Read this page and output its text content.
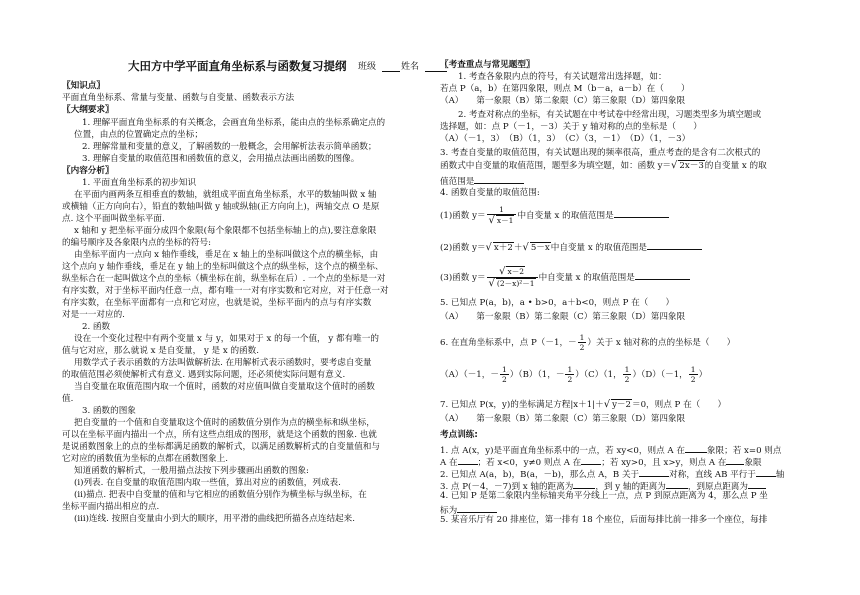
大田方中学平面直角坐标系与函数复习提纲 班级	姓名
〖知识点〗
平面直角坐标系、常量与变量、函数与自变量、函数表示方法
〖大纲要求〗
1. 理解平面直角坐标系的有关概念，会画直角坐标系，能由点的坐标系确定点的
位置，由点的位置确定点的坐标；
2. 理解常量和变量的意义，了解函数的一般概念，会用解析法表示简单函数；
3. 理解自变量的取值范围和函数值的意义，会用描点法画出函数的图像。
〖内容分析〗
1. 平面直角坐标系的初步知识
在平面内画两条互相垂直的数轴，就组成平面直角坐标系，水平的数轴叫做 x 轴
或横轴（正方向向右），铅直的数轴叫做 y 轴或纵轴(正方向向上)，两轴交点 O 是原
点. 这个平面叫做坐标平面.
x 轴和 y 把坐标平面分成四个象限(每个象限都不包括坐标轴上的点),要注意象限
的编号顺序及各象限内点的坐标的符号:
由坐标平面内一点向 x 轴作垂线，垂足在 x 轴上的坐标叫做这个点的横坐标，由
这个点向 y 轴作垂线，垂足在 y 轴上的坐标叫做这个点的纵坐标，这个点的横坐标、
纵坐标合在一起叫做这个点的坐标（横坐标在前，纵坐标在后）. 一个点的坐标是一对
有序实数，对于坐标平面内任意一点，都有唯一一对有序实数和它对应，对于任意一对
有序实数，在坐标平面都有一点和它对应，也就是说，坐标平面内的点与有序实数
对是一一对应的.
2. 函数
设在一个变化过程中有两个变量 x 与 y，如果对于 x 的每一个值， y 都有唯一的
值与它对应，那么就说 x 是自变量， y 是 x 的函数.
用数学式子表示函数的方法叫做解析法. 在用解析式表示函数时，要考虑自变量
的取值范围必须使解析式有意义. 遇到实际问题，还必须使实际问题有意义.
当自变量在取值范围内取一个值时，函数的对应值叫做自变量取这个值时的函数
值.
3. 函数的图象
把自变量的一个值和自变量取这个值时的函数值分别作为点的横坐标和纵坐标，
可以在坐标平面内描出一个点，所有这些点组成的图形，就是这个函数的图象. 也就
是说函数图象上的点的坐标都满足函数的解析式，以满足函数解析式的自变量值和与
它对应的函数值为坐标的点都在函数图象上.
知道函数的解析式，一般用描点法按下列步骤画出函数的图象:
(i)列表. 在自变量的取值范围内取一些值，算出对应的函数值，列成表.
(ii)描点. 把表中自变量的值和与它相应的函数值分别作为横坐标与纵坐标，在
坐标平面内描出相应的点.
(iii)连线. 按照自变量由小到大的顺序，用平滑的曲线把所描各点连结起来.
〖考查重点与常见题型〗
1. 考查各象限内点的符号，有关试题常出选择题，如：
若点 P（a，b）在第四象限，则点 M（b－a，a－b）在（　　）
（A）　　第一象限（B）第二象限（C）第三象限（D）第四象限
2. 考查对称点的坐标，有关试题在中考试卷中经常出现，习题类型多为填空题或
选择题，如：点 P（－1，－3）关于 y 轴对称的点的坐标是（　　）
（A）（－1，3）　（B）（1，3）　（C）（3，－1）　（D）（1，－3）
3. 考查自变量的取值范围，有关试题出现的频率很高，重点考查的是含有二次根式的
函数式中自变量的取值范围，题型多为填空题，如：函数 y＝√ 2x－3的自变量 x 的取
值范围是
4. 函数自变量的取值范围:
(1)函数 $y= \frac{1}{√ x-1}$ 中自变量 x 的取值范围是
(2)函数 y＝√ x＋2＋√ 5－x中自变量 x 的取值范围是
(3)函数 $y= \frac{√ x-2}{\text{√ (2－x)²－1}}$ 中自变量 x 的取值范围是
5. 已知点 P(a，b)，a • b>0，a＋b<0，则点 P 在（　　）
（A）　　第一象限（B）第二象限（C）第三象限（D）第四象限
6. 在直角坐标系中，点 P（－1，－ $\frac{1}{2}$ ）关于 x 轴对称的点的坐标是（　　）
（A）（－1，－ $\frac{1}{2} )(B)(1$，－ $\frac{1}{2} )(C)(1$， $\frac{1}{2} )(D)(-1$， $\frac{1}{2}$ ）
7. 已知点 P(x，y)的坐标满足方程|x＋1|＋√ y－2＝0，则点 P 在（　　）
（A）　　第一象限（B）第二象限（C）第三象限（D）第四象限
考点训练:
1. 点 A(x，y)是平面直角坐标系中的一点，若 xy<0，则点 A 在	象限；若 x=0 则点
A 在 ；若 x<0，y≠0 则点 A 在 ；若 xy>0，且 x>y，则点 A 在 象限
2. 已知点 A(a，b)，B(a，－b)，那么点 A，B 关于	对称，直线 AB 平行于 轴
3. 点 P(－4，－7)到 x 轴的距离为	，到 y 轴的距离为	，到原点距离为
4. 已知 P 是第二象限内坐标轴夹角平分线上一点，点 P 到原点距离为 4，那么点 P 坐
标为
5. 某音乐厅有 20 排座位，第一排有 18 个座位，后面每排比前一排多一个座位，每排
